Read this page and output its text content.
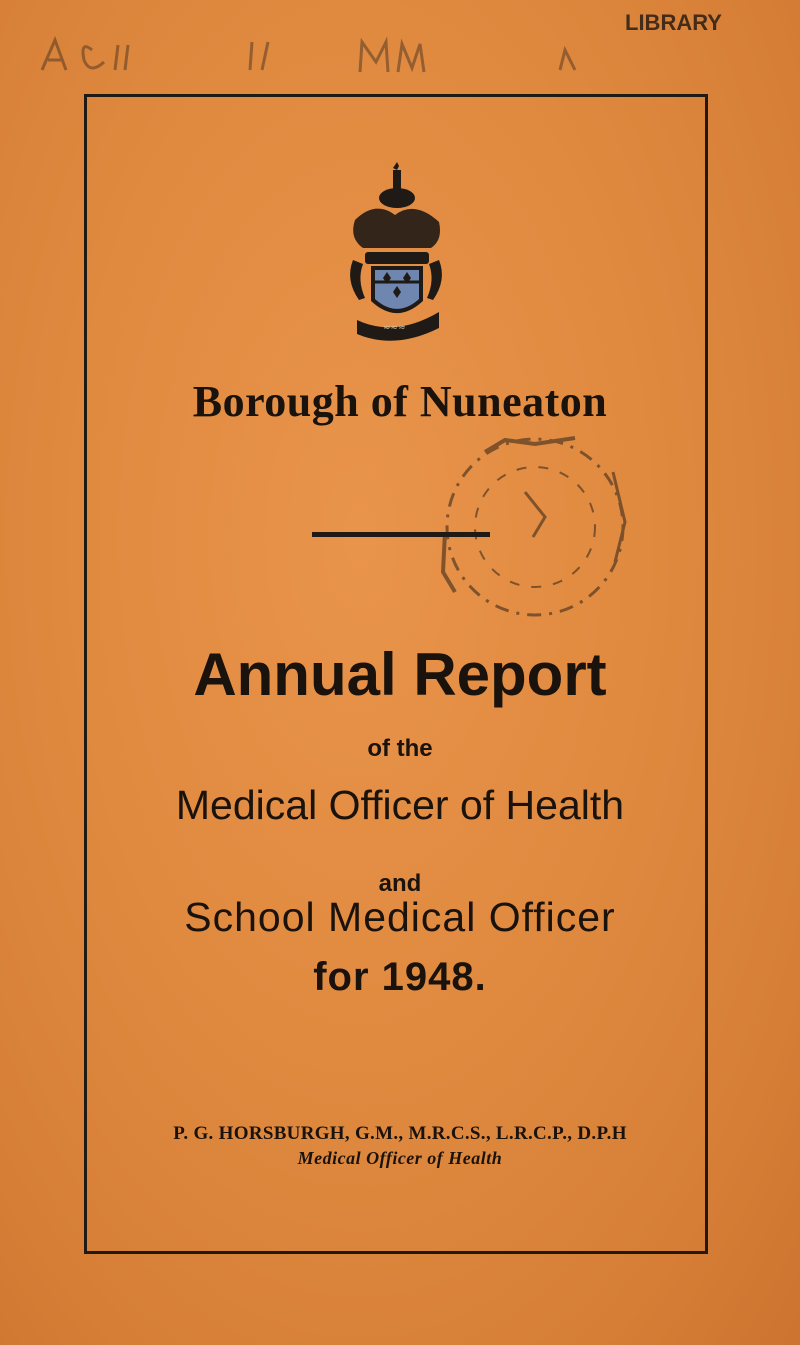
LIBRARY
≈≈≈
Borough of Nuneaton
Annual Report
of the
Medical Officer of Health
and
School Medical Officer
for 1948.
P. G. HORSBURGH, G.M., M.R.C.S., L.R.C.P., D.P.H
Medical Officer of Health
